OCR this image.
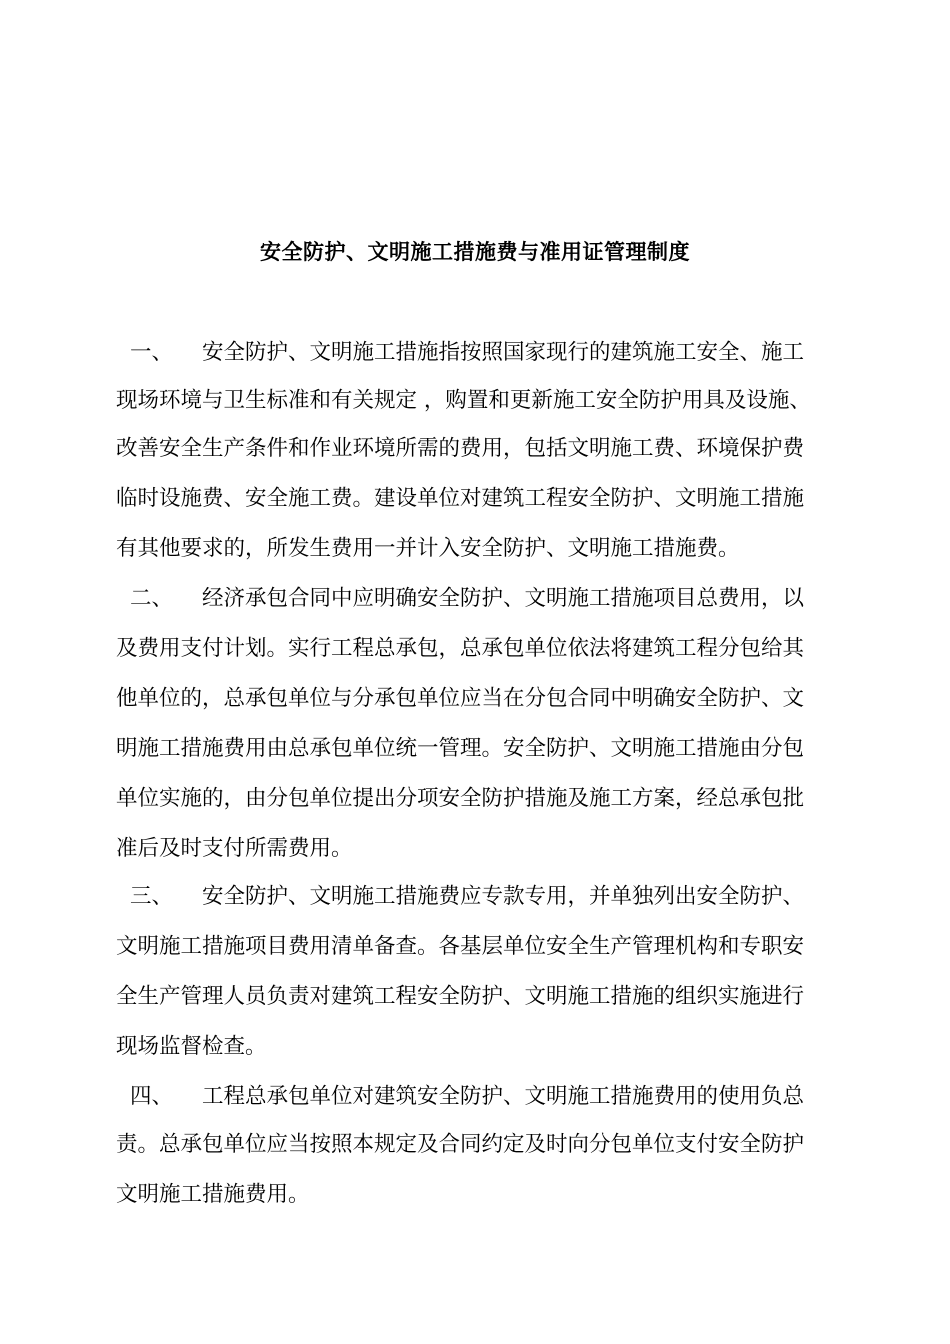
安全防护、文明施工措施费与准用证管理制度
一、 安全防护、文明施工措施指按照国家现行的建筑施工安全、施工
现场环境与卫生标准和有关规定 ，购置和更新施工安全防护用具及设施、
改善安全生产条件和作业环境所需的费用，包括文明施工费、环境保护费
临时设施费、安全施工费。建设单位对建筑工程安全防护、文明施工措施
有其他要求的，所发生费用一并计入安全防护、文明施工措施费。
二、 经济承包合同中应明确安全防护、文明施工措施项目总费用，以
及费用支付计划。实行工程总承包，总承包单位依法将建筑工程分包给其
他单位的，总承包单位与分承包单位应当在分包合同中明确安全防护、文
明施工措施费用由总承包单位统一管理。安全防护、文明施工措施由分包
单位实施的，由分包单位提出分项安全防护措施及施工方案，经总承包批
准后及时支付所需费用。
三、 安全防护、文明施工措施费应专款专用，并单独列出安全防护、
文明施工措施项目费用清单备查。各基层单位安全生产管理机构和专职安
全生产管理人员负责对建筑工程安全防护、文明施工措施的组织实施进行
现场监督检查。
四、 工程总承包单位对建筑安全防护、文明施工措施费用的使用负总
责。总承包单位应当按照本规定及合同约定及时向分包单位支付安全防护
文明施工措施费用。
